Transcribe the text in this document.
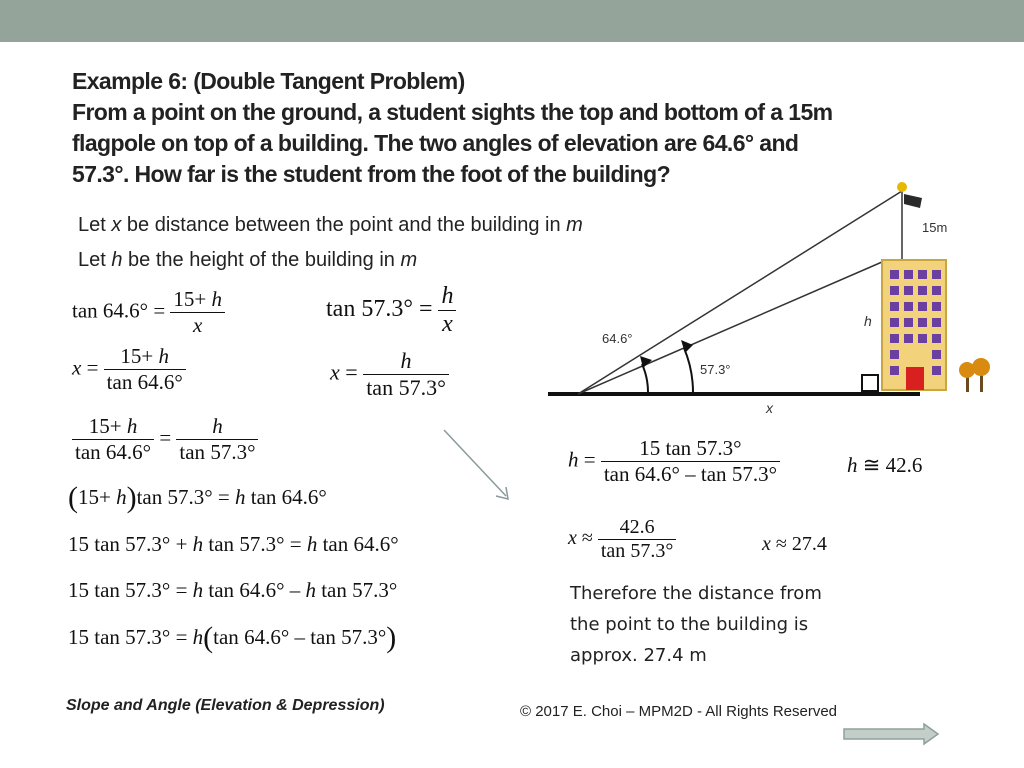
Example 6: (Double Tangent Problem)
From a point on the ground, a student sights the top and bottom of a 15m
flagpole on top of a building. The two angles of elevation are 64.6° and
57.3°. How far is the student from the foot of the building?
Let x be distance between the point and the building in m
Let h be the height of the building in m
$\tan 64.6^\circ = \frac{15+ h}{x}$
$x = \frac{15+ h}{\tan 64.6^\circ}$
$\frac{15+ h}{\tan 64.6^\circ} = \frac{h}{\tan 57.3^\circ}$
(15+ h)tan 57.3° = h tan 64.6°
15 tan 57.3° + h tan 57.3° = h tan 64.6°
15 tan 57.3° = h tan 64.6° – h tan 57.3°
15 tan 57.3° = h(tan 64.6° – tan 57.3°)
$\tan 57.3^\circ = \frac{h}{x}$
$x = \frac{h}{\tan 57.3^\circ}$
$h = \frac{15 \tan 57.3^\circ}{\tan 64.6^\circ - \tan 57.3^\circ}$	h ≅ 42.6
$x \approx \frac{42.6}{\tan 57.3^\circ}$	x ≈ 27.4
Therefore the distance from
the point to the building is
approx. 27.4 m
15m
h
64.6°
57.3°
x
Slope and Angle (Elevation & Depression)	© 2017 E. Choi – MPM2D - All Rights Reserved
